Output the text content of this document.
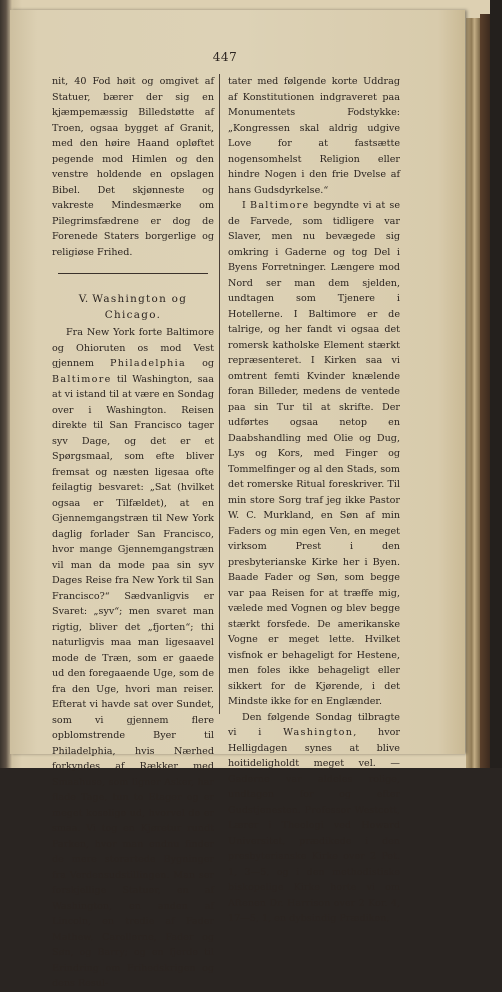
447

nit, 40 Fod høit og omgivet af Statuer, bærer der sig en kjæmpemæssig Billedstøtte af Troen, ogsaa bygget af Granit, med den høire Haand opløftet pegende mod Himlen og den venstre holdende en opslagen Bibel. Det skjønneste og vakreste Mindesmærke om Pilegrimsfædrene er dog de Forenede Staters borgerlige og religiøse Frihed.

V. Washington og Chicago.

Fra New York forte Baltimore og Ohioruten os mod Vest gjennem Philadelphia og Baltimore til Washington, saa at vi istand til at være en Sondag over i Washington. Reisen direkte til San Francisco tager syv Dage, og det er et Spørgsmaal, som efte bliver fremsat og næsten ligesaa ofte feilagtig besvaret: „Sat (hvilket ogsaa er Tilfældet), at en Gjennemgangstræn til New York daglig forlader San Francisco, hvor mange Gjennemgangstræn vil man da mode paa sin syv Dages Reise fra New York til San Francisco?“ Sædvanligvis er Svaret: „syv“; men svaret man rigtig, bliver det „fjorten“; thi naturligvis maa man ligesaavel mode de Træn, som er gaaede ud den foregaaende Uge, som de fra den Uge, hvori man reiser. Efterat vi havde sat over Sundet, som vi gjennem flere opblomstrende Byer til Philadelphia, hvis Nærhed forkyndes af Rækker med Smaahuse, som ligner Asker, har flade Tage, tun to Etager og er meget koselige ud, hvorvel de er smaa. Vi tog en Kjøretur rundt Parken, hvor man endnu finder de mere storartede Bygninger fra Verdensudstillingen. Man ser forskjellige Statuer, en af Washington, en anden af Lincoln, en tredie af Fader Mathew, Carollerne, Fader og Søn, og Barry; og en fjerde til Erindring om Frihedskrigen og dens Resul-

tater med følgende korte Uddrag af Konstitutionen indgraveret paa Monumentets Fodstykke: „Kongressen skal aldrig udgive Love for at fastsætte nogensomhelst Religion eller hindre Nogen i den frie Dvelse af hans Gudsdyrkelse.“

I Baltimore begyndte vi at se de Farvede, som tidligere var Slaver, men nu bevægede sig omkring i Gaderne og tog Del i Byens Forretninger. Længere mod Nord ser man dem sjelden, undtagen som Tjenere i Hotellerne. I Baltimore er de talrige, og her fandt vi ogsaa det romersk katholske Element stærkt repræsenteret. I Kirken saa vi omtrent femti Kvinder knælende foran Billeder, medens de ventede paa sin Tur til at skrifte. Der udførtes ogsaa netop en Daabshandling med Olie og Dug, Lys og Kors, med Finger og Tommelfinger og al den Stads, som det romerske Ritual foreskriver. Til min store Sorg traf jeg ikke Pastor W. C. Murkland, en Søn af min Faders og min egen Ven, en meget virksom Prest i den presbyterianske Kirke her i Byen. Baade Fader og Søn, som begge var paa Reisen for at træffe mig, vælede med Vognen og blev begge stærkt forsfede. De amerikanske Vogne er meget lette. Hvilket visfnok er behageligt for Hestene, men foles ikke behageligt eller sikkert for de Kjørende, i det Mindste ikke for en Englænder.

Den følgende Sondag tilbragte vi i Washington, hvor Helligdagen synes at blive hoitideligholdt meget vel. — Gaderne var aldeles rolige, undtagen for og efter Gudstjenesten. Professor Westcott, Lærer i Theologi ved Howard Universitet, prædikede i den presbyterianske Kirke over 2 Pet. 1, 3—5, og i den methodistiske biskopelige Kirke horte vi om Aftenen Dr. Harrison over 2 Kor. 4, 17—5, 1, en dybsindig Prædiken,
